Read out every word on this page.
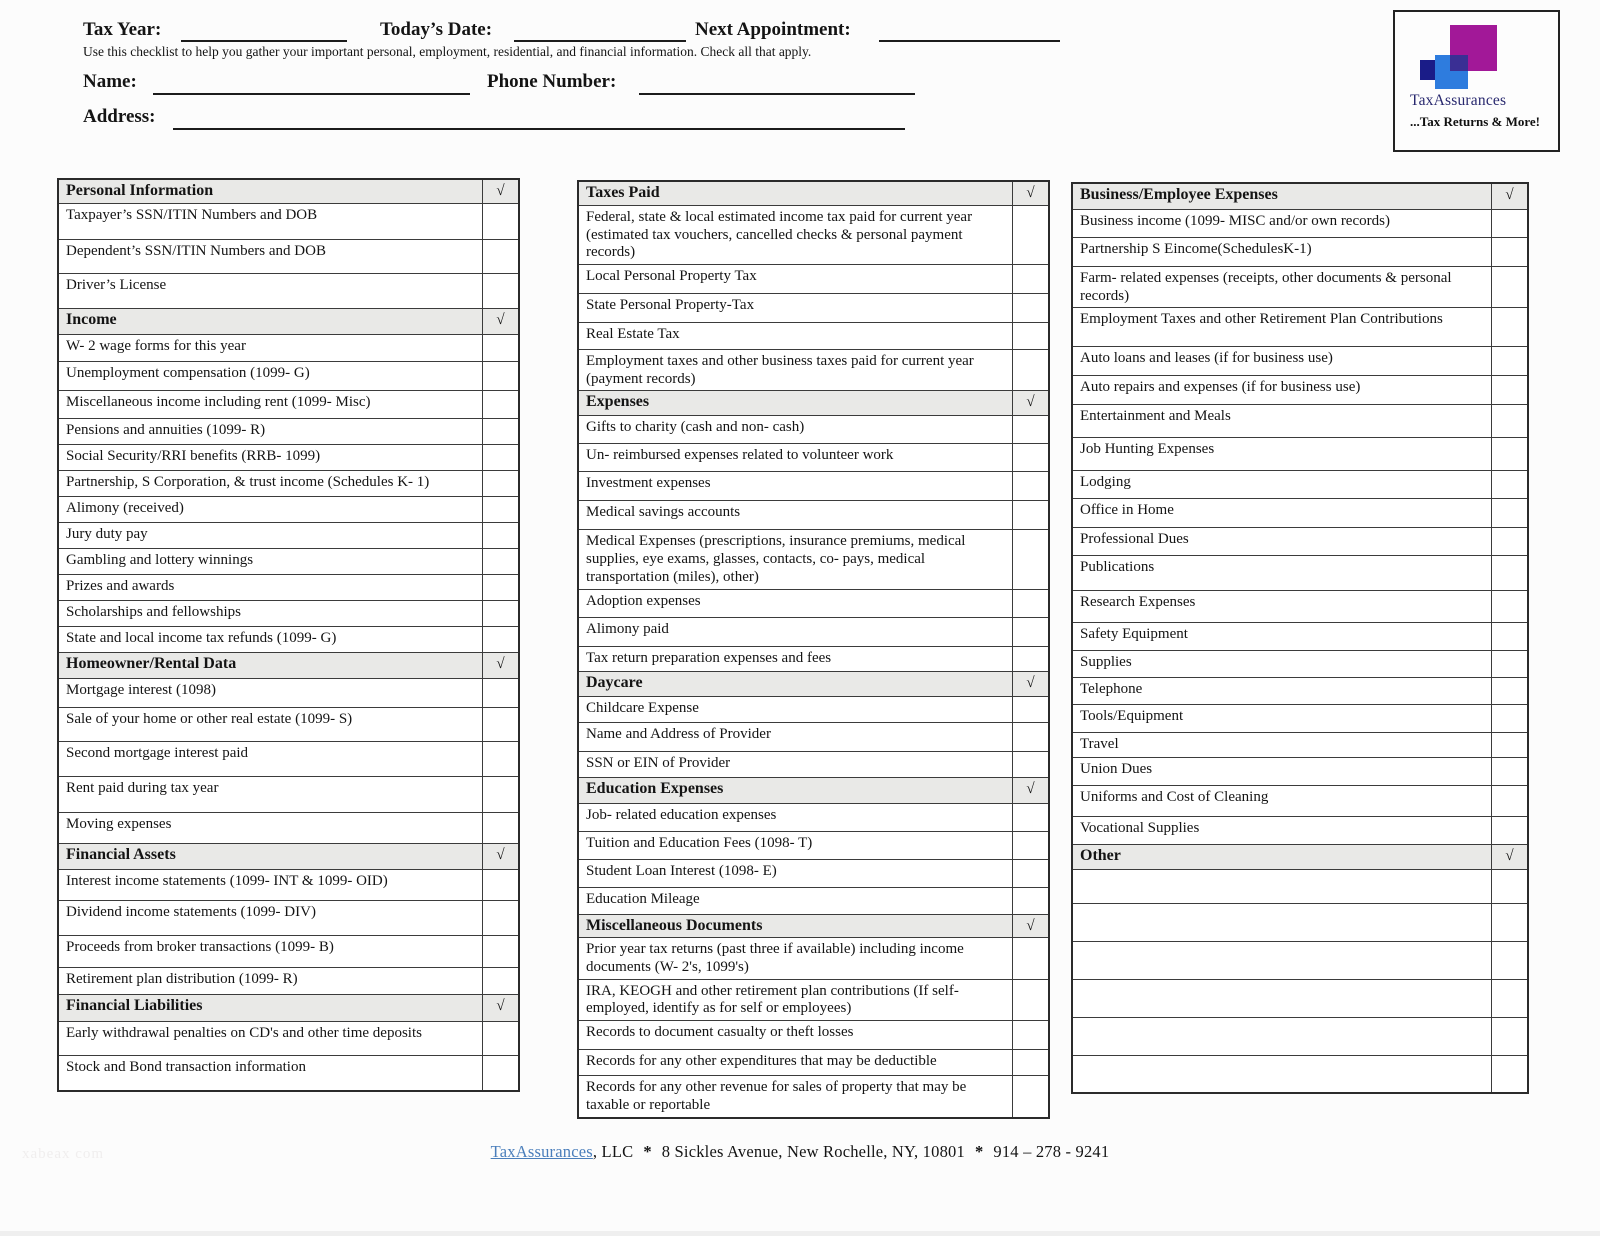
Tax Year:	Today’s Date:	Next Appointment:
Use this checklist to help you gather your important personal, employment, residential, and financial information. Check all that apply.
Name:	Phone Number:
Address:
TaxAssurances
...Tax Returns & More!
Personal Information	√
Taxpayer’s SSN/ITIN Numbers and DOB
Dependent’s SSN/ITIN Numbers and DOB
Driver’s License
Income	√
W- 2 wage forms for this year
Unemployment compensation (1099- G)
Miscellaneous income including rent (1099- Misc)
Pensions and annuities (1099- R)
Social Security/RRI benefits (RRB- 1099)
Partnership, S Corporation, & trust income (Schedules K- 1)
Alimony (received)
Jury duty pay
Gambling and lottery winnings
Prizes and awards
Scholarships and fellowships
State and local income tax refunds (1099- G)
Homeowner/Rental Data	√
Mortgage interest (1098)
Sale of your home or other real estate (1099- S)
Second mortgage interest paid
Rent paid during tax year
Moving expenses
Financial Assets	√
Interest income statements (1099- INT & 1099- OID)
Dividend income statements (1099- DIV)
Proceeds from broker transactions (1099- B)
Retirement plan distribution (1099- R)
Financial Liabilities	√
Early withdrawal penalties on CD's and other time deposits
Stock and Bond transaction information
Taxes Paid	√
Federal, state & local estimated income tax paid for current year (estimated tax vouchers, cancelled checks & personal payment records)
Local Personal Property Tax
State Personal Property-Tax
Real Estate Tax
Employment taxes and other business taxes paid for current year (payment records)
Expenses	√
Gifts to charity (cash and non- cash)
Un- reimbursed expenses related to volunteer work
Investment expenses
Medical savings accounts
Medical Expenses (prescriptions, insurance premiums, medical supplies, eye exams, glasses, contacts, co- pays, medical transportation (miles), other)
Adoption expenses
Alimony paid
Tax return preparation expenses and fees
Daycare	√
Childcare Expense
Name and Address of Provider
SSN or EIN of Provider
Education Expenses	√
Job- related education expenses
Tuition and Education Fees (1098- T)
Student Loan Interest (1098- E)
Education Mileage
Miscellaneous Documents	√
Prior year tax returns (past three if available) including income documents (W- 2's, 1099's)
IRA, KEOGH and other retirement plan contributions (If self- employed, identify as for self or employees)
Records to document casualty or theft losses
Records for any other expenditures that may be deductible
Records for any other revenue for sales of property that may be taxable or reportable
Business/Employee Expenses	√
Business income (1099- MISC and/or own records)
Partnership S Eincome(SchedulesK-1)
Farm- related expenses (receipts, other documents & personal records)
Employment Taxes and other Retirement Plan Contributions
Auto loans and leases (if for business use)
Auto repairs and expenses (if for business use)
Entertainment and Meals
Job Hunting Expenses
Lodging
Office in Home
Professional Dues
Publications
Research Expenses
Safety Equipment
Supplies
Telephone
Tools/Equipment
Travel
Union Dues
Uniforms and Cost of Cleaning
Vocational Supplies
Other	√
TaxAssurances, LLC * 8 Sickles Avenue, New Rochelle, NY, 10801 * 914 – 278 - 9241
xabeax com
